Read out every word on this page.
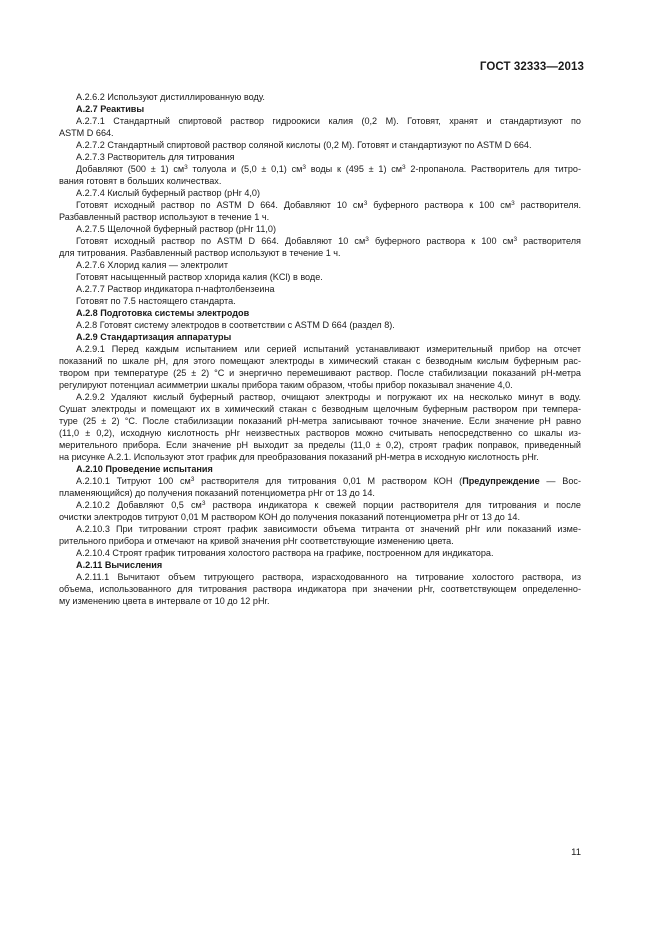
ГОСТ 32333—2013
А.2.6.2 Используют дистиллированную воду.
А.2.7 Реактивы
А.2.7.1 Стандартный спиртовой раствор гидроокиси калия (0,2 М). Готовят, хранят и стандартизуют по
ASTM D 664.
А.2.7.2 Стандартный спиртовой раствор соляной кислоты (0,2 М). Готовят и стандартизуют по ASTM D 664.
А.2.7.3 Растворитель для титрования
Добавляют (500 ± 1) $см^3$ толуола и (5,0 ± 0,1) $см^3$ воды к (495 ± 1) $см^3$ 2-пропанола. Растворитель для титро-
вания готовят в больших количествах.
А.2.7.4 Кислый буферный раствор (pHr 4,0)
Готовят исходный раствор по ASTM D 664. Добавляют 10 $см^3$ буферного раствора к 100 $см^3$ растворителя.
Разбавленный раствор используют в течение 1 ч.
А.2.7.5 Щелочной буферный раствор (pHr 11,0)
Готовят исходный раствор по ASTM D 664. Добавляют 10 $см^3$ буферного раствора к 100 $см^3$ растворителя
для титрования. Разбавленный раствор используют в течение 1 ч.
А.2.7.6 Хлорид калия — электролит
Готовят насыщенный раствор хлорида калия (KCl) в воде.
А.2.7.7 Раствор индикатора п-нафтолбензеина
Готовят по 7.5 настоящего стандарта.
А.2.8 Подготовка системы электродов
А.2.8 Готовят систему электродов в соответствии с ASTM D 664 (раздел 8).
А.2.9 Стандартизация аппаратуры
А.2.9.1 Перед каждым испытанием или серией испытаний устанавливают измерительный прибор на отсчет
показаний по шкале pH, для этого помещают электроды в химический стакан с безводным кислым буферным рас-
твором при температуре (25 ± 2) °С и энергично перемешивают раствор. После стабилизации показаний pH-метра
регулируют потенциал асимметрии шкалы прибора таким образом, чтобы прибор показывал значение 4,0.
А.2.9.2 Удаляют кислый буферный раствор, очищают электроды и погружают их на несколько минут в воду.
Сушат электроды и помещают их в химический стакан с безводным щелочным буферным раствором при темпера-
туре (25 ± 2) °С. После стабилизации показаний pH-метра записывают точное значение. Если значение pH равно
(11,0 ± 0,2), исходную кислотность pHr неизвестных растворов можно считывать непосредственно со шкалы из-
мерительного прибора. Если значение pH выходит за пределы (11,0 ± 0,2), строят график поправок, приведенный
на рисунке А.2.1. Используют этот график для преобразования показаний pH-метра в исходную кислотность pHr.
А.2.10 Проведение испытания
А.2.10.1 Титруют 100 $см^3$ растворителя для титрования 0,01 М раствором КОН (Предупреждение — Вос-
пламеняющийся) до получения показаний потенциометра pHr от 13 до 14.
А.2.10.2 Добавляют 0,5 $см^3$ раствора индикатора к свежей порции растворителя для титрования и после
очистки электродов титруют 0,01 М раствором КОН до получения показаний потенциометра pHr от 13 до 14.
А.2.10.3 При титровании строят график зависимости объема титранта от значений pHr или показаний изме-
рительного прибора и отмечают на кривой значения pHr соответствующие изменению цвета.
А.2.10.4 Строят график титрования холостого раствора на графике, построенном для индикатора.
А.2.11 Вычисления
А.2.11.1 Вычитают объем титрующего раствора, израсходованного на титрование холостого раствора, из
объема, использованного для титрования раствора индикатора при значении pHr, соответствующем определенно-
му изменению цвета в интервале от 10 до 12 pHr.
11
